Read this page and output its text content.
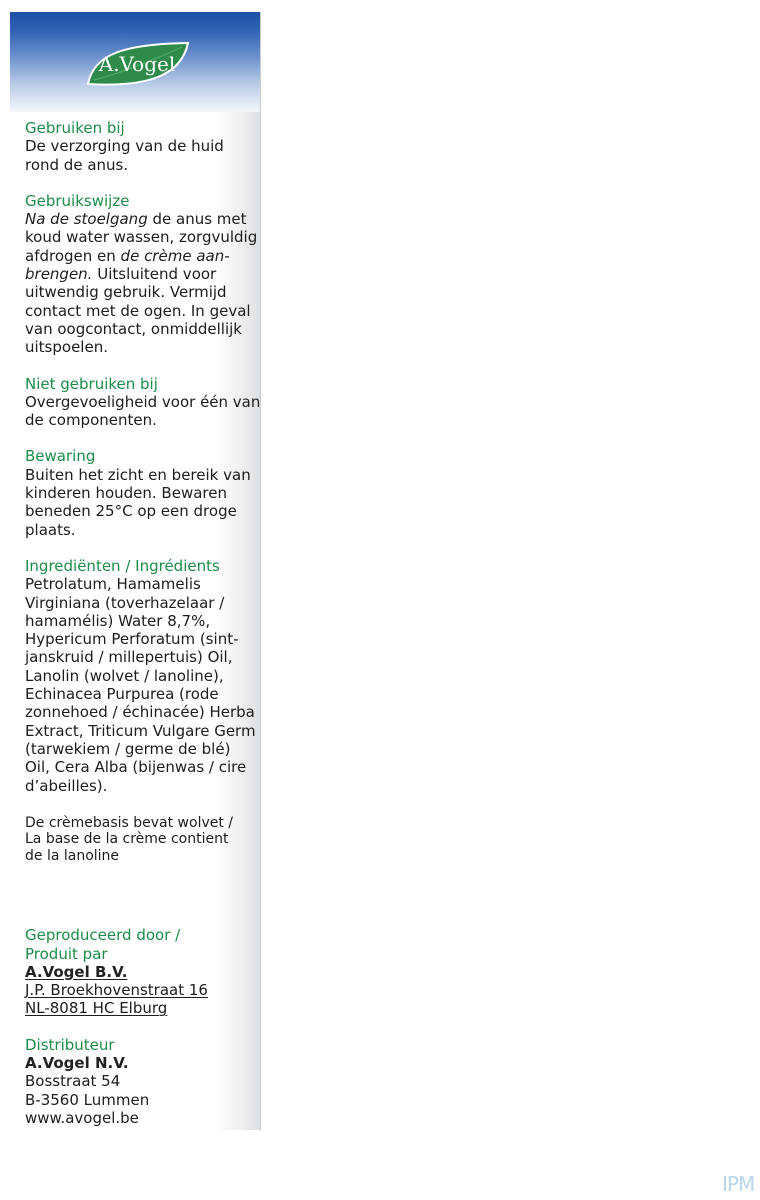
A.Vogel
Gebruiken bij
De verzorging van de huid
rond de anus.
Gebruikswijze
Na de stoelgang de anus met
koud water wassen, zorgvuldig
afdrogen en de crème aan-
brengen. Uitsluitend voor
uitwendig gebruik. Vermijd
contact met de ogen. In geval
van oogcontact, onmiddellijk
uitspoelen.
Niet gebruiken bij
Overgevoeligheid voor één van
de componenten.
Bewaring
Buiten het zicht en bereik van
kinderen houden. Bewaren
beneden 25°C op een droge
plaats.
Ingrediënten / Ingrédients
Petrolatum, Hamamelis
Virginiana (toverhazelaar /
hamamélis) Water 8,7%,
Hypericum Perforatum (sint-
janskruid / millepertuis) Oil,
Lanolin (wolvet / lanoline),
Echinacea Purpurea (rode
zonnehoed / échinacée) Herba
Extract, Triticum Vulgare Germ
(tarwekiem / germe de blé)
Oil, Cera Alba (bijenwas / cire
d’abeilles).
De crèmebasis bevat wolvet /
La base de la crème contient
de la lanoline
Geproduceerd door /
Produit par
A.Vogel B.V.
J.P. Broekhovenstraat 16
NL-8081 HC Elburg
Distributeur
A.Vogel N.V.
Bosstraat 54
B-3560 Lummen
www.avogel.be
IPM
